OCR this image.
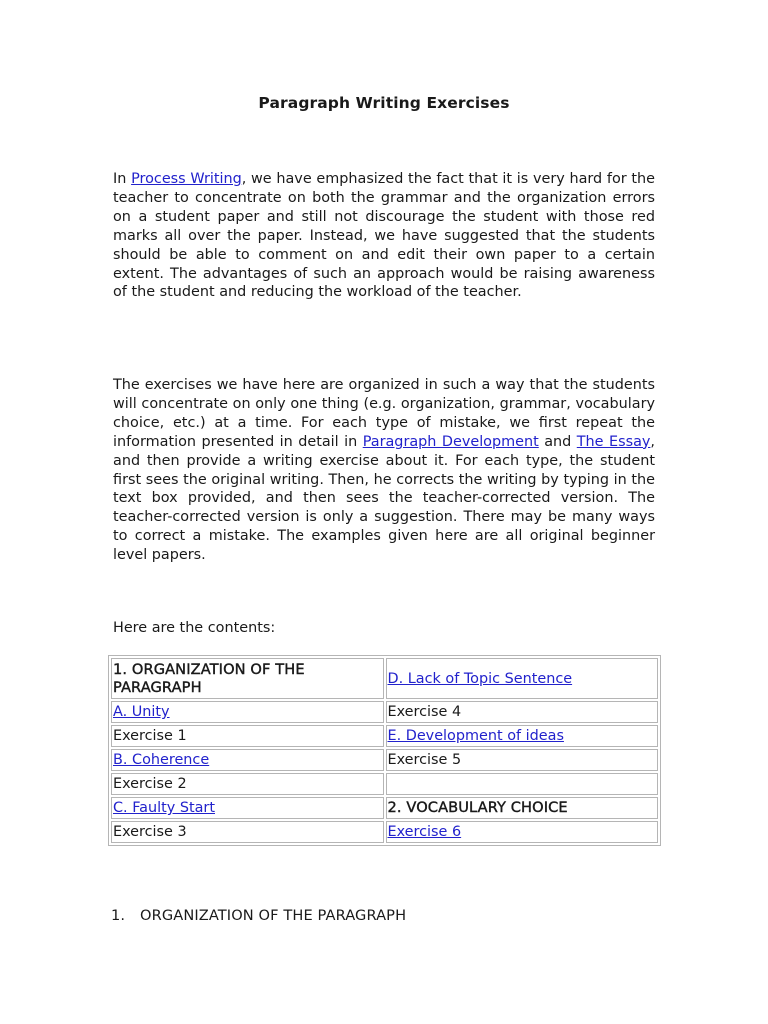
Paragraph Writing Exercises

In Process Writing, we have emphasized the fact that it is very hard for the teacher to concentrate on both the grammar and the organization errors on a student paper and still not discourage the student with those red marks all over the paper. Instead, we have suggested that the students should be able to comment on and edit their own paper to a certain extent. The advantages of such an approach would be raising awareness of the student and reducing the workload of the teacher.

The exercises we have here are organized in such a way that the students will concentrate on only one thing (e.g. organization, grammar, vocabulary choice, etc.) at a time. For each type of mistake, we first repeat the information presented in detail in Paragraph Development and The Essay, and then provide a writing exercise about it. For each type, the student first sees the original writing. Then, he corrects the writing by typing in the text box provided, and then sees the teacher-corrected version. The teacher-corrected version is only a suggestion. There may be many ways to correct a mistake. The examples given here are all original beginner level papers.

Here are the contents:

1. ORGANIZATION OF THE PARAGRAPH	D. Lack of Topic Sentence
A. Unity	Exercise 4
Exercise 1	E. Development of ideas
B. Coherence	Exercise 5
Exercise 2	
C. Faulty Start	2. VOCABULARY CHOICE
Exercise 3	Exercise 6
1. ORGANIZATION OF THE PARAGRAPH
